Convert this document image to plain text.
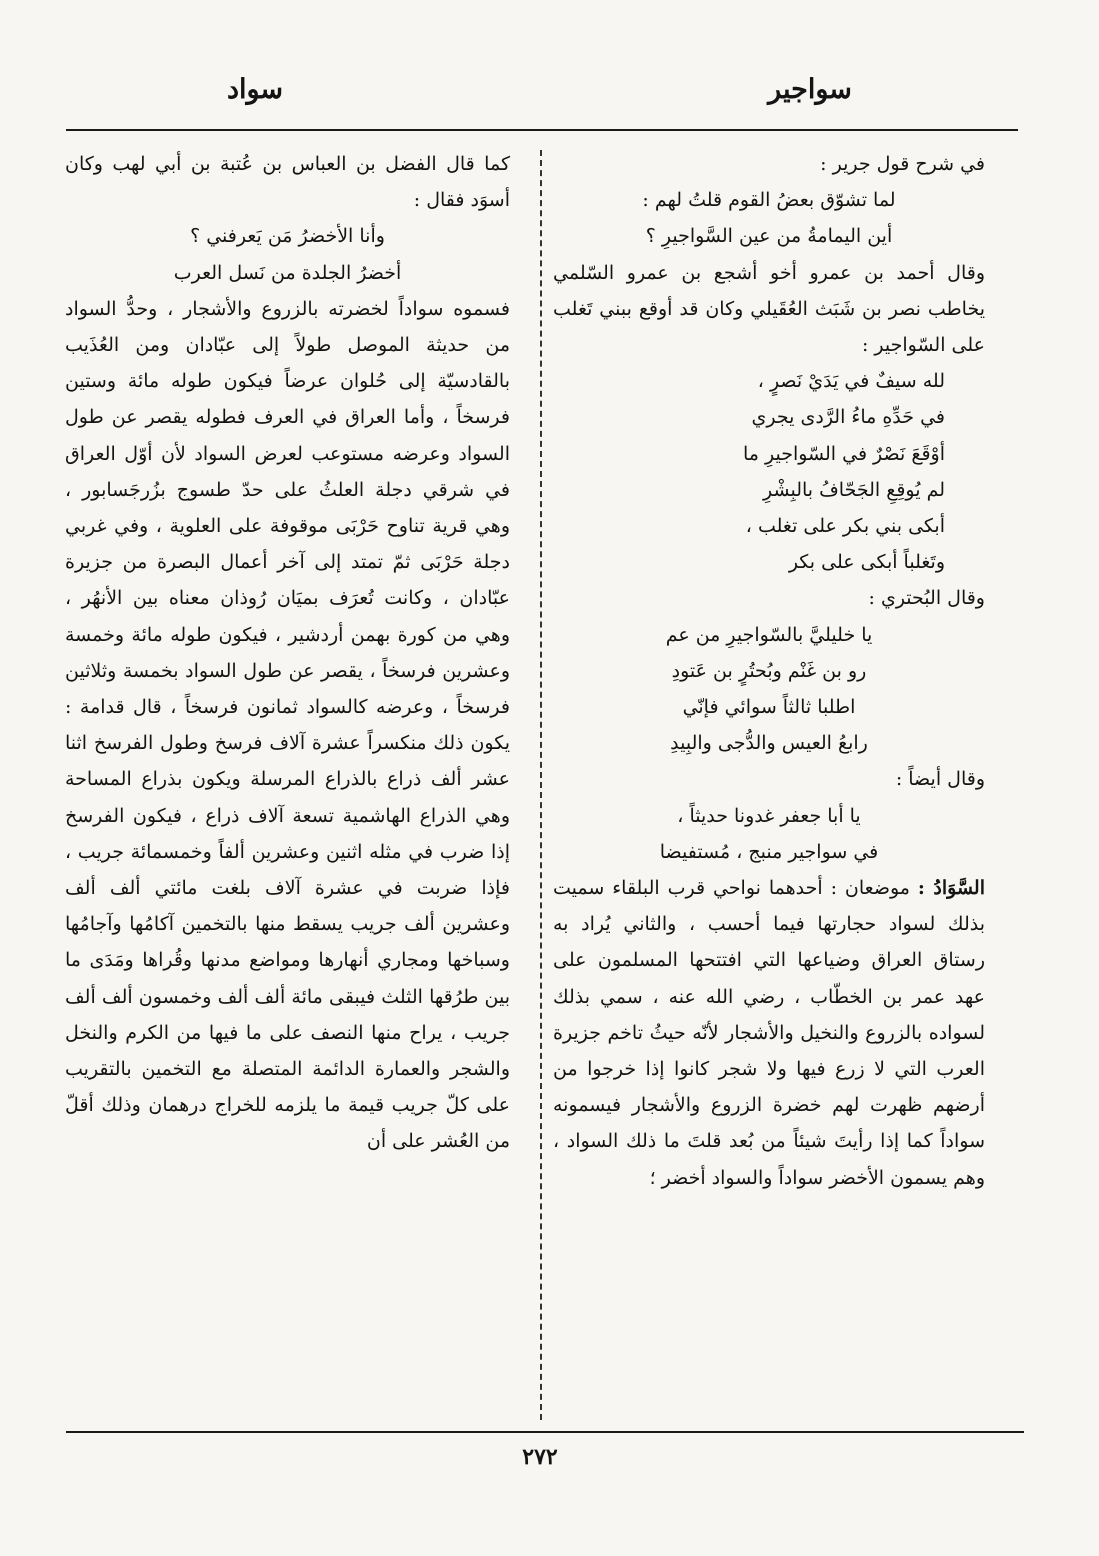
سواجير
سواد

في شرح قول جرير :

لما تشوّق بعضُ القوم قلتُ لهم :

أين اليمامةُ من عين السَّواجيرِ ؟

وقال أحمد بن عمرو أخو أشجع بن عمرو السّلمي يخاطب نصر بن شَبَث العُقَيلي وكان قد أوقع ببني تَغلب على السّواجير :

لله سيفٌ في يَدَيْ نَصرٍ ،

في حَدِّهِ ماءُ الرَّدى يجري

أوْقَعَ نَصْرٌ في السّواجيرِ ما

لم يُوقِعِ الجَحّافُ بالبِشْرِ

أبكى بني بكر على تغلب ،

وتَغلباً أبكى على بكر

وقال البُحتري :

يا خليليَّ بالسّواجيرِ من عم

رو بن غَنْم وبُحتُرٍ بن عَتودِ

اطلبا ثالثاً سوائي فإنّي

رابعُ العيس والدُّجى والبِيدِ

وقال أيضاً :

يا أبا جعفر غدونا حديثاً ،

في سواجير منبج ، مُستفيضا

السَّوَادُ : موضعان : أحدهما نواحي قرب البلقاء سميت بذلك لسواد حجارتها فيما أحسب ، والثاني يُراد به رستاق العراق وضياعها التي افتتحها المسلمون على عهد عمر بن الخطّاب ، رضي الله عنه ، سمي بذلك لسواده بالزروع والنخيل والأشجار لأنّه حيثُ تاخم جزيرة العرب التي لا زرع فيها ولا شجر كانوا إذا خرجوا من أرضهم ظهرت لهم خضرة الزروع والأشجار فيسمونه سواداً كما إذا رأيتَ شيئاً من بُعد قلتَ ما ذلك السواد ، وهم يسمون الأخضر سواداً والسواد أخضر ؛

كما قال الفضل بن العباس بن عُتبة بن أبي لهب وكان أسوَد فقال :

وأنا الأخضرُ مَن يَعرفني ؟

أخضرُ الجلدة من نَسل العرب

فسموه سواداً لخضرته بالزروع والأشجار ، وحدُّ السواد من حديثة الموصل طولاً إلى عبّادان ومن العُذَيب بالقادسيّة إلى حُلوان عرضاً فيكون طوله مائة وستين فرسخاً ، وأما العراق في العرف فطوله يقصر عن طول السواد وعرضه مستوعب لعرض السواد لأن أوّل العراق في شرقي دجلة العلثُ على حدّ طسوج بزُرجَسابور ، وهي قرية تناوح حَرْبَى موقوفة على العلوية ، وفي غربي دجلة حَرْبَى ثمّ تمتد إلى آخر أعمال البصرة من جزيرة عبّادان ، وكانت تُعرَف بميَان رُوذان معناه بين الأنهُر ، وهي من كورة بهمن أردشير ، فيكون طوله مائة وخمسة وعشرين فرسخاً ، يقصر عن طول السواد بخمسة وثلاثين فرسخاً ، وعرضه كالسواد ثمانون فرسخاً ، قال قدامة : يكون ذلك منكسراً عشرة آلاف فرسخ وطول الفرسخ اثنا عشر ألف ذراع بالذراع المرسلة ويكون بذراع المساحة وهي الذراع الهاشمية تسعة آلاف ذراع ، فيكون الفرسخ إذا ضرب في مثله اثنين وعشرين ألفاً وخمسمائة جريب ، فإذا ضربت في عشرة آلاف بلغت مائتي ألف ألف وعشرين ألف جريب يسقط منها بالتخمين آكامُها وآجامُها وسباخها ومجاري أنهارها ومواضع مدنها وقُراها ومَدَى ما بين طرُقها الثلث فيبقى مائة ألف ألف وخمسون ألف ألف جريب ، يراح منها النصف على ما فيها من الكرم والنخل والشجر والعمارة الدائمة المتصلة مع التخمين بالتقريب على كلّ جريب قيمة ما يلزمه للخراج درهمان وذلك أقلّ من العُشر على أن

٢٧٢
